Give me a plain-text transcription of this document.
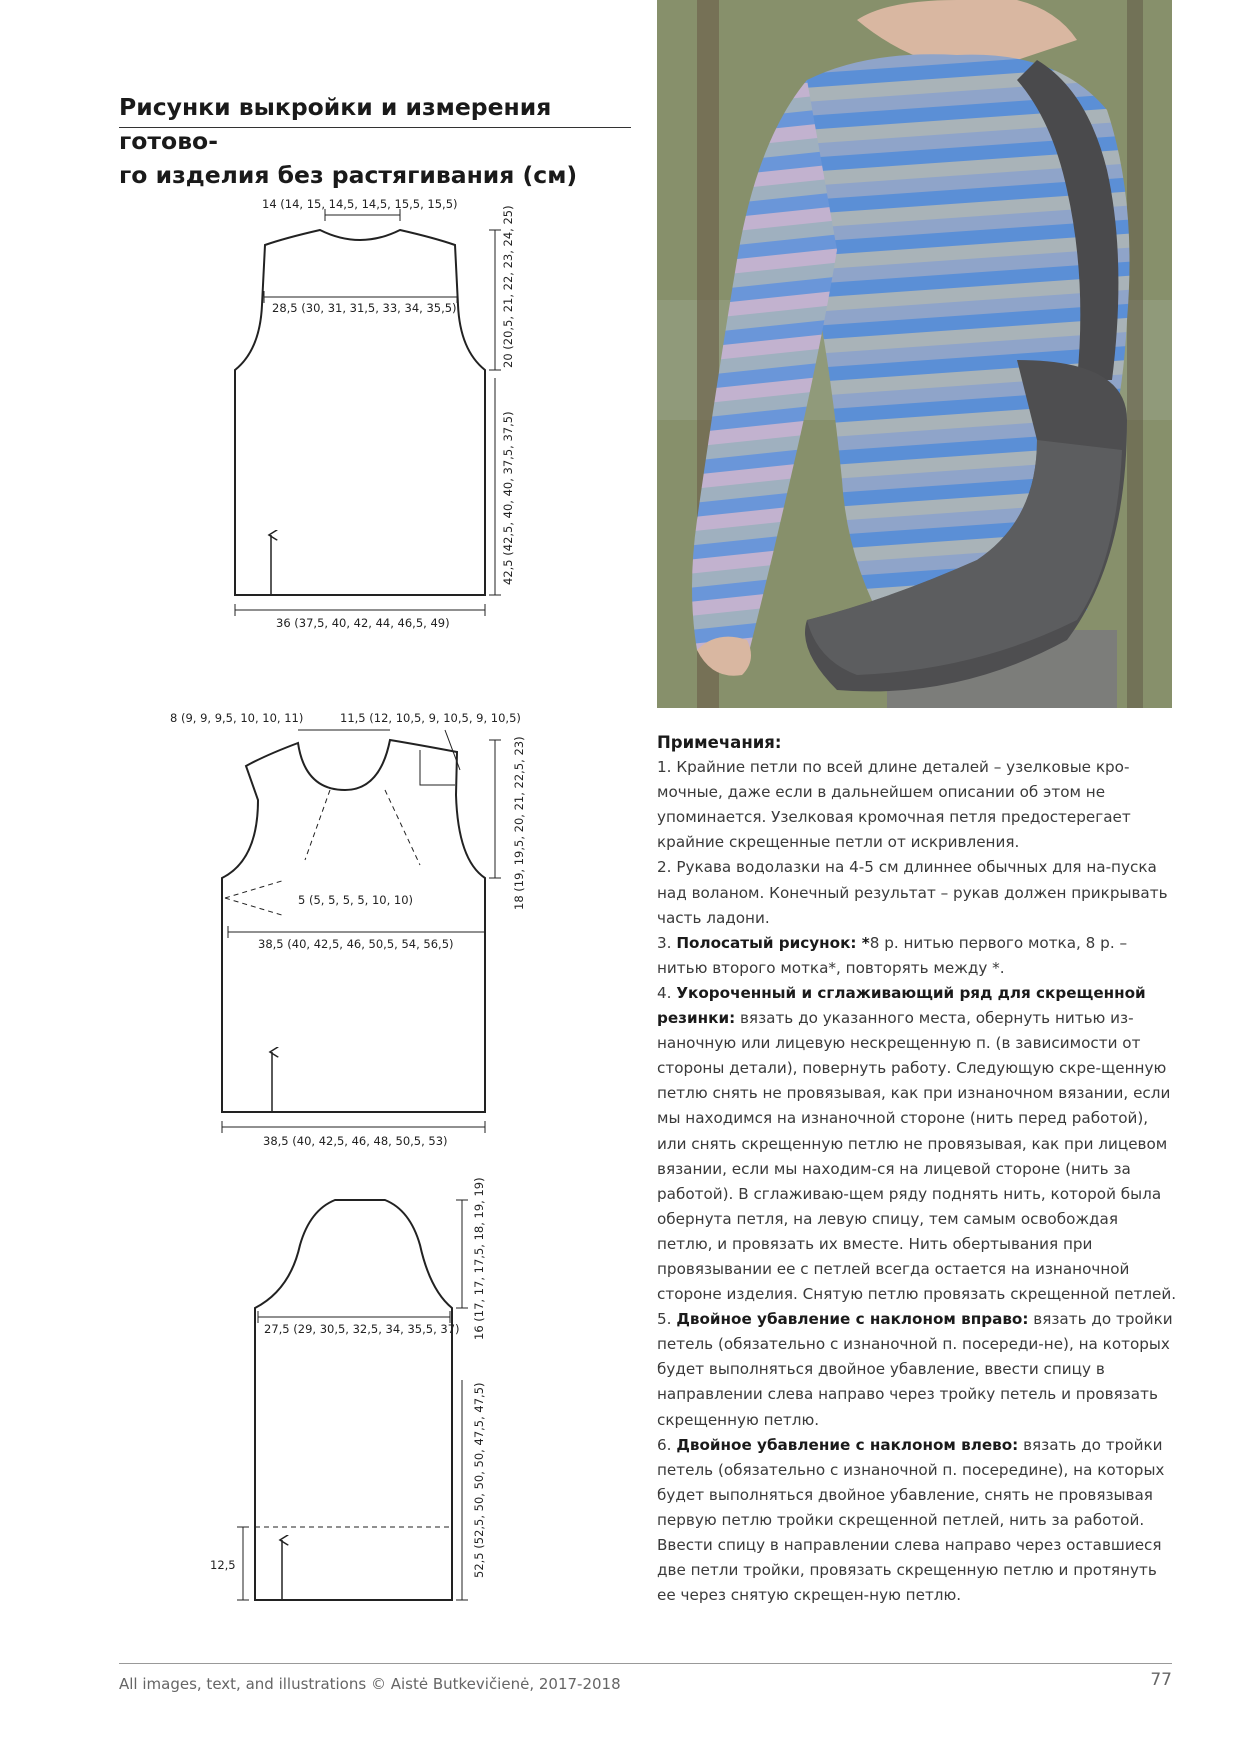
Рисунки выкройки и измерения готово-
го изделия без растягивания (см)
14 (14, 15, 14,5, 14,5, 15,5, 15,5)
28,5 (30, 31, 31,5, 33, 34, 35,5)	20 (20,5, 21, 22, 23, 24, 25)
42,5 (42,5, 40, 40, 37,5, 37,5)
36 (37,5, 40, 42, 44, 46,5, 49)
8 (9, 9, 9,5, 10, 10, 11)	11,5 (12, 10,5, 9, 10,5, 9, 10,5)
18 (19, 19,5, 20, 21, 22,5, 23)
5 (5, 5, 5, 5, 10, 10)
38,5 (40, 42,5, 46, 50,5, 54, 56,5)
38,5 (40, 42,5, 46, 48, 50,5, 53)
27,5 (29, 30,5, 32,5, 34, 35,5, 37) 16 (17, 17, 17,5, 18, 19, 19)
52,5 (52,5, 50, 50, 50, 47,5, 47,5)
12,5

Примечания:

1. Крайние петли по всей длине деталей – узелковые кро-мочные, даже если в дальнейшем описании об этом не упоминается. Узелковая кромочная петля предостерегает крайние скрещенные петли от искривления.

2. Рукава водолазки на 4-5 см длиннее обычных для на-пуска над воланом. Конечный результат – рукав должен прикрывать часть ладони.

3. Полосатый рисунок: *8 р. нитью первого мотка, 8 р. – нитью второго мотка*, повторять между *.

4. Укороченный и сглаживающий ряд для скрещенной резинки: вязать до указанного места, обернуть нитью из-наночную или лицевую нескрещенную п. (в зависимости от стороны детали), повернуть работу. Следующую скре-щенную петлю снять не провязывая, как при изнаночном вязании, если мы находимся на изнаночной стороне (нить перед работой), или снять скрещенную петлю не провязывая, как при лицевом вязании, если мы находим-ся на лицевой стороне (нить за работой). В сглаживаю-щем ряду поднять нить, которой была обернута петля, на левую спицу, тем самым освобождая петлю, и провязать их вместе. Нить обертывания при провязывании ее с петлей всегда остается на изнаночной стороне изделия. Снятую петлю провязать скрещенной петлей.

5. Двойное убавление с наклоном вправо: вязать до тройки петель (обязательно с изнаночной п. посереди-не), на которых будет выполняться двойное убавление, ввести спицу в направлении слева направо через тройку петель и провязать скрещенную петлю.

6. Двойное убавление с наклоном влево: вязать до тройки петель (обязательно с изнаночной п. посередине), на которых будет выполняться двойное убавление, снять не провязывая первую петлю тройки скрещенной петлей, нить за работой. Ввести спицу в направлении слева направо через оставшиеся две петли тройки, провязать скрещенную петлю и протянуть ее через снятую скрещен-ную петлю.

All images, text, and illustrations © Aistė Butkevičienė, 2017-2018	77
